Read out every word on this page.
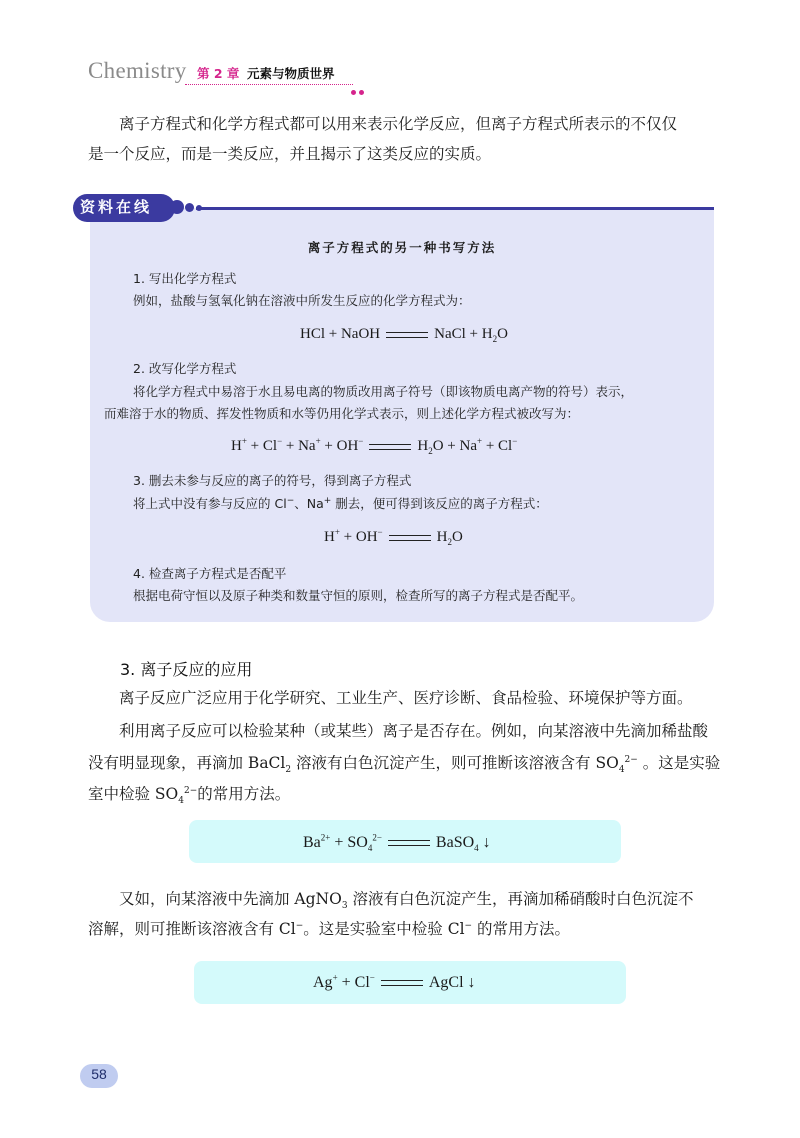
Chemistry 第 2 章 元素与物质世界
离子方程式和化学方程式都可以用来表示化学反应，但离子方程式所表示的不仅仅
是一个反应，而是一类反应，并且揭示了这类反应的实质。
资料在线
离子方程式的另一种书写方法
1. 写出化学方程式
例如，盐酸与氢氧化钠在溶液中所发生反应的化学方程式为：
HCl + NaOH	NaCl + $H_2O$
2. 改写化学方程式
将化学方程式中易溶于水且易电离的物质改用离子符号（即该物质电离产物的符号）表示，
而难溶于水的物质、挥发性物质和水等仍用化学式表示，则上述化学方程式被改写为：
H+ + Cl− + Na+ + OH−	$H_2O + Na^+ + Cl^-$
3. 删去未参与反应的离子的符号，得到离子方程式
将上式中没有参与反应的 Cl−、Na+ 删去，便可得到该反应的离子方程式：
H+ + OH−	$H_2O$
4. 检查离子方程式是否配平
根据电荷守恒以及原子种类和数量守恒的原则，检查所写的离子方程式是否配平。
3. 离子反应的应用
离子反应广泛应用于化学研究、工业生产、医疗诊断、食品检验、环境保护等方面。
利用离子反应可以检验某种（或某些）离子是否存在。例如，向某溶液中先滴加稀盐酸
没有明显现象，再滴加 BaCl$_2$ 溶液有白色沉淀产生，则可推断该溶液含有 $SO_4^{2-}$ 。这是实验
室中检验 $SO_4^{2-}$的常用方法。
$Ba^{2+} + SO_4^{2-}$	BaSO$_4$ ↓
又如，向某溶液中先滴加 AgNO$_3$ 溶液有白色沉淀产生，再滴加稀硝酸时白色沉淀不
溶解，则可推断该溶液含有 Cl−。这是实验室中检验 Cl− 的常用方法。
Ag+ + Cl−	AgCl ↓
58
